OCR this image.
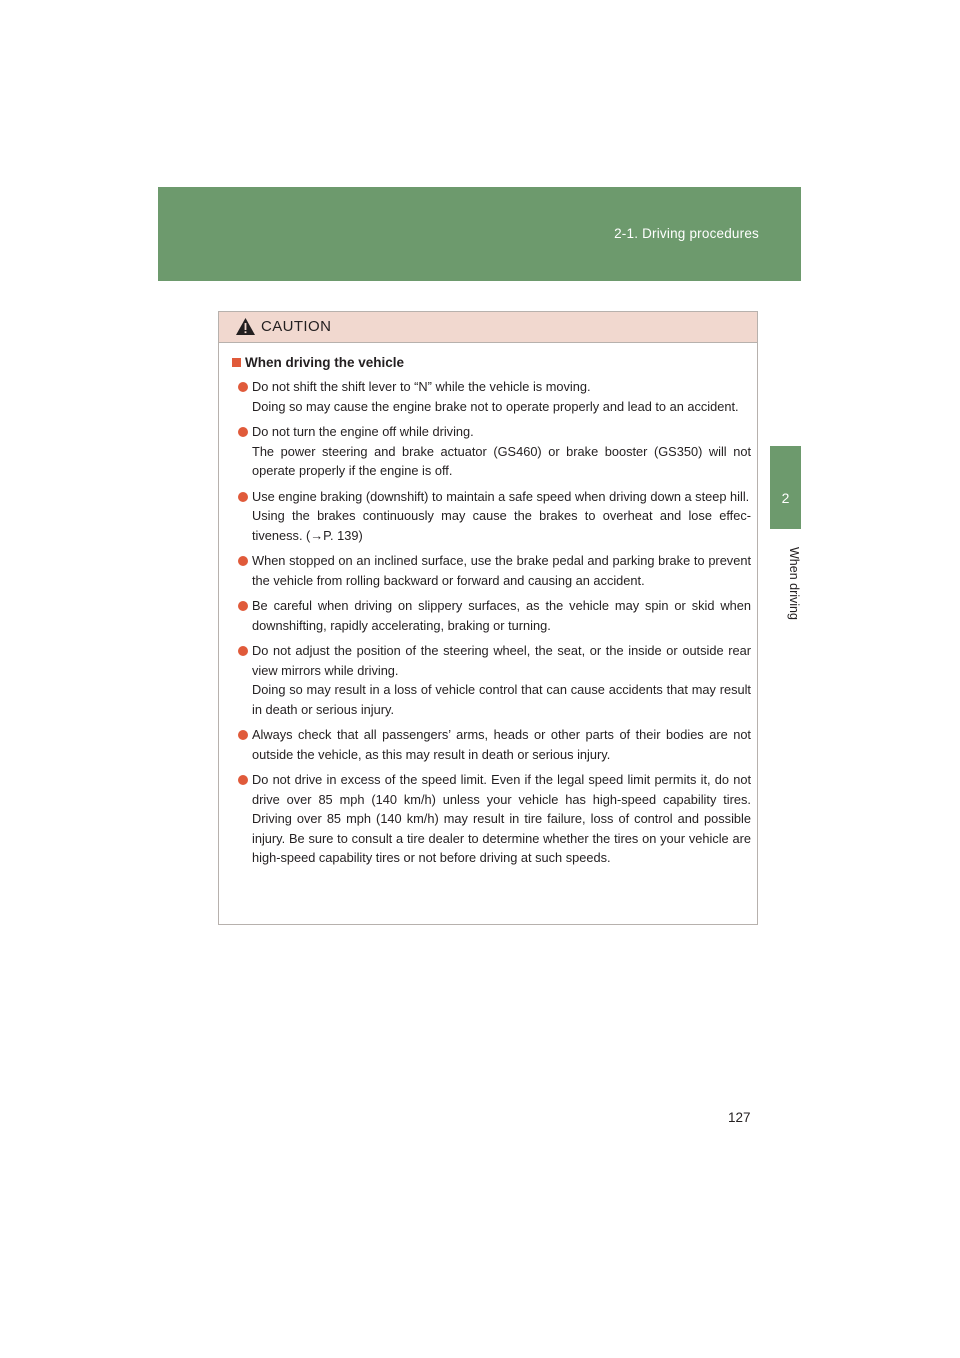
2-1. Driving procedures
2
When driving
CAUTION
When driving the vehicle

Do not shift the shift lever to “N” while the vehicle is moving.

Doing so may cause the engine brake not to operate properly and lead to an accident.

Do not turn the engine off while driving.

The power steering and brake actuator (GS460) or brake booster (GS350) will not operate properly if the engine is off.

Use engine braking (downshift) to maintain a safe speed when driving down a steep hill.

Using the brakes continuously may cause the brakes to overheat and lose effec-tiveness. (→P. 139)

When stopped on an inclined surface, use the brake pedal and parking brake to prevent the vehicle from rolling backward or forward and causing an accident.

Be careful when driving on slippery surfaces, as the vehicle may spin or skid when downshifting, rapidly accelerating, braking or turning.

Do not adjust the position of the steering wheel, the seat, or the inside or outside rear view mirrors while driving.

Doing so may result in a loss of vehicle control that can cause accidents that may result in death or serious injury.

Always check that all passengers’ arms, heads or other parts of their bodies are not outside the vehicle, as this may result in death or serious injury.

Do not drive in excess of the speed limit. Even if the legal speed limit permits it, do not drive over 85 mph (140 km/h) unless your vehicle has high-speed capability tires. Driving over 85 mph (140 km/h) may result in tire failure, loss of control and possible injury. Be sure to consult a tire dealer to determine whether the tires on your vehicle are high-speed capability tires or not before driving at such speeds.

127
